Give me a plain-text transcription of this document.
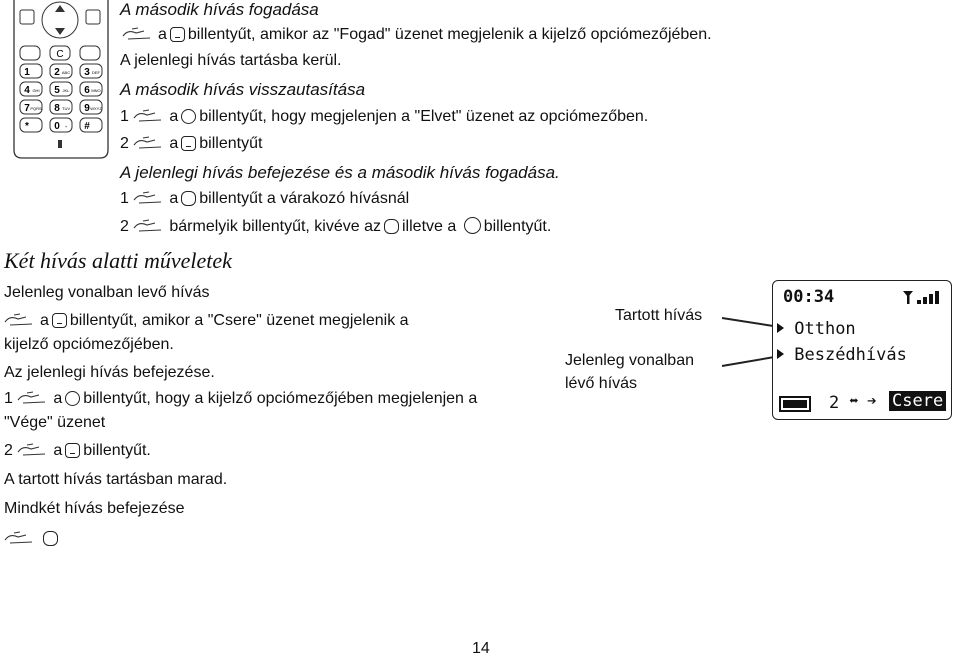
C
1 2 ABC 3 DEF
4 GHI 5 JKL 6 MNO
7 PQRS 8 TUV 9 WXYZ
*	0 + #
A második hívás fogadása
a billentyűt, amikor az "Fogad" üzenet megjelenik a kijelző opciómezőjében.
A jelenlegi hívás tartásba kerül.
A második hívás visszautasítása
1	a billentyűt, hogy megjelenjen a "Elvet" üzenet az opciómezőben.
2	a billentyűt
A jelenlegi hívás befejezése és a második hívás fogadása.
1	a billentyűt a várakozó hívásnál
2	bármelyik billentyűt, kivéve az illetve a billentyűt.
Két hívás alatti műveletek
Jelenleg vonalban levő hívás
a billentyűt, amikor a "Csere" üzenet megjelenik a
kijelző opciómezőjében.
Az jelenlegi hívás befejezése.
1	a billentyűt, hogy a kijelző opciómezőjében megjelenjen a
"Vége" üzenet
2	a billentyűt.
A tartott hívás tartásban marad.
Mindkét hívás befejezése
Tartott hívás
Jelenleg vonalban
lévő hívás
00:34
Otthon
Beszédhívás
2 ⬌ ➔ Csere
14
